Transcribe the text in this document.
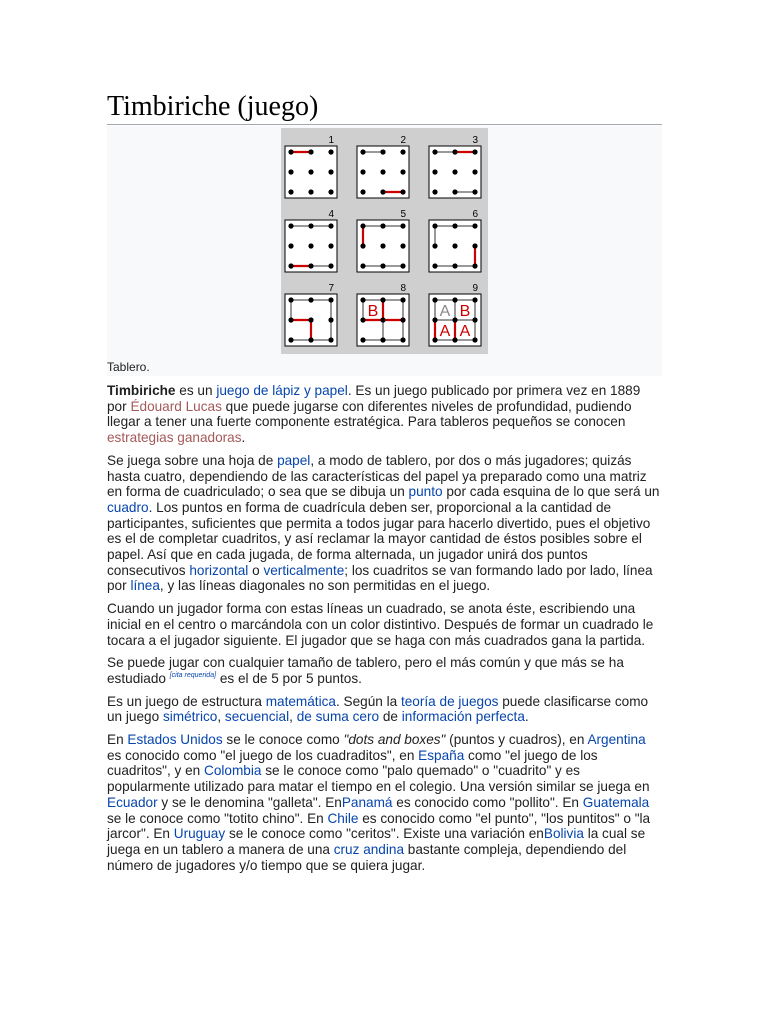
Timbiriche (juego)
1	2	3
4	5	6
7	8
B
9
A B
A A
Tablero.

Timbiriche es un juego de lápiz y papel. Es un juego publicado por primera vez en 1889 por Édouard Lucas que puede jugarse con diferentes niveles de profundidad, pudiendo llegar a tener una fuerte componente estratégica. Para tableros pequeños se conocen estrategias ganadoras.

Se juega sobre una hoja de papel, a modo de tablero, por dos o más jugadores; quizás hasta cuatro, dependiendo de las características del papel ya preparado como una matriz en forma de cuadriculado; o sea que se dibuja un punto por cada esquina de lo que será un cuadro. Los puntos en forma de cuadrícula deben ser, proporcional a la cantidad de participantes, suficientes que permita a todos jugar para hacerlo divertido, pues el objetivo es el de completar cuadritos, y así reclamar la mayor cantidad de éstos posibles sobre el papel. Así que en cada jugada, de forma alternada, un jugador unirá dos puntos consecutivos horizontal o verticalmente; los cuadritos se van formando lado por lado, línea por línea, y las líneas diagonales no son permitidas en el juego.

Cuando un jugador forma con estas líneas un cuadrado, se anota éste, escribiendo una inicial en el centro o marcándola con un color distintivo. Después de formar un cuadrado le tocara a el jugador siguiente. El jugador que se haga con más cuadrados gana la partida.

Se puede jugar con cualquier tamaño de tablero, pero el más común y que más se ha estudiado [cita requerida] es el de 5 por 5 puntos.

Es un juego de estructura matemática. Según la teoría de juegos puede clasificarse como un juego simétrico, secuencial, de suma cero de información perfecta.

En Estados Unidos se le conoce como "dots and boxes" (puntos y cuadros), en Argentina es conocido como "el juego de los cuadraditos", en España como "el juego de los cuadritos", y en Colombia se le conoce como "palo quemado" o "cuadrito" y es popularmente utilizado para matar el tiempo en el colegio. Una versión similar se juega en Ecuador y se le denomina "galleta". EnPanamá es conocido como "pollito". En Guatemala se le conoce como "totito chino". En Chile es conocido como "el punto", "los puntitos" o "la jarcor". En Uruguay se le conoce como "ceritos". Existe una variación enBolivia la cual se juega en un tablero a manera de una cruz andina bastante compleja, dependiendo del número de jugadores y/o tiempo que se quiera jugar.
